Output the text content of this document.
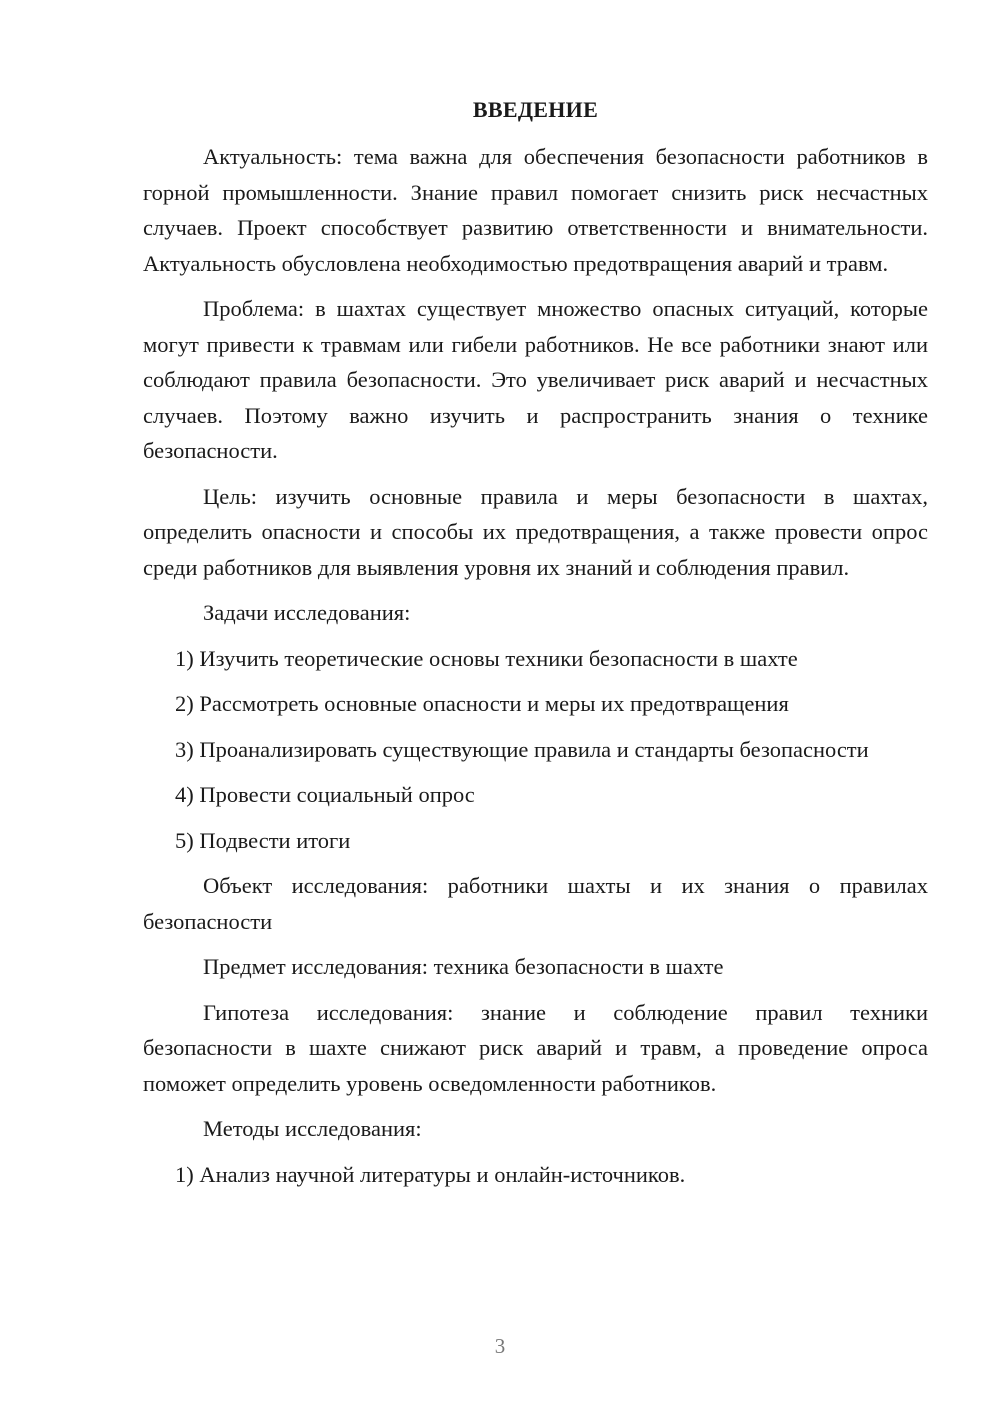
ВВЕДЕНИЕ

Актуальность: тема важна для обеспечения безопасности работников в горной промышленности. Знание правил помогает снизить риск несчастных случаев. Проект способствует развитию ответственности и внимательности. Актуальность обусловлена необходимостью предотвращения аварий и травм.

Проблема: в шахтах существует множество опасных ситуаций, которые могут привести к травмам или гибели работников. Не все работники знают или соблюдают правила безопасности. Это увеличивает риск аварий и несчастных случаев. Поэтому важно изучить и распространить знания о технике безопасности.

Цель: изучить основные правила и меры безопасности в шахтах, определить опасности и способы их предотвращения, а также провести опрос среди работников для выявления уровня их знаний и соблюдения правил.

Задачи исследования:

1) Изучить теоретические основы техники безопасности в шахте

2) Рассмотреть основные опасности и меры их предотвращения

3) Проанализировать существующие правила и стандарты безопасности

4) Провести социальный опрос

5) Подвести итоги

Объект исследования: работники шахты и их знания о правилах безопасности

Предмет исследования: техника безопасности в шахте

Гипотеза исследования: знание и соблюдение правил техники безопасности в шахте снижают риск аварий и травм, а проведение опроса поможет определить уровень осведомленности работников.

Методы исследования:

1) Анализ научной литературы и онлайн-источников.

3
